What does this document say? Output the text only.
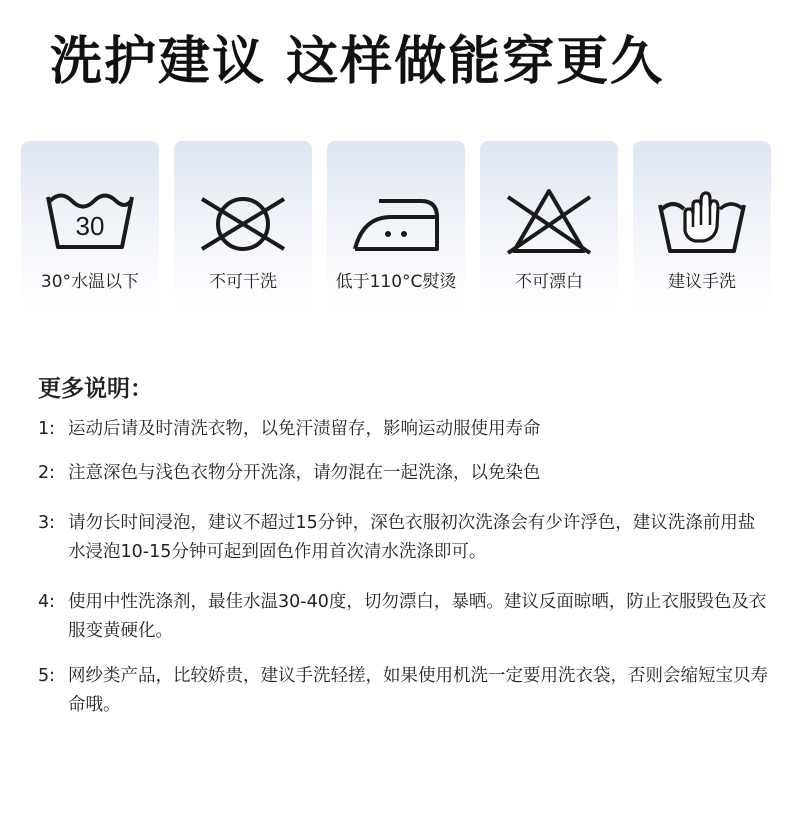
洗护建议 这样做能穿更久
30
30°水温以下	不可干洗	低于110°C熨烫	不可漂白	建议手洗
更多说明：
1: 运动后请及时清洗衣物，以免汗渍留存，影响运动服使用寿命
2: 注意深色与浅色衣物分开洗涤，请勿混在一起洗涤，以免染色
3: 请勿长时间浸泡，建议不超过15分钟，深色衣服初次洗涤会有少许浮色，建议洗涤前用盐水浸泡10-15分钟可起到固色作用首次清水洗涤即可。
4: 使用中性洗涤剂，最佳水温30-40度，切勿漂白，暴晒。建议反面晾晒，防止衣服毁色及衣服变黄硬化。
5: 网纱类产品，比较娇贵，建议手洗轻搓，如果使用机洗一定要用洗衣袋，否则会缩短宝贝寿命哦。
